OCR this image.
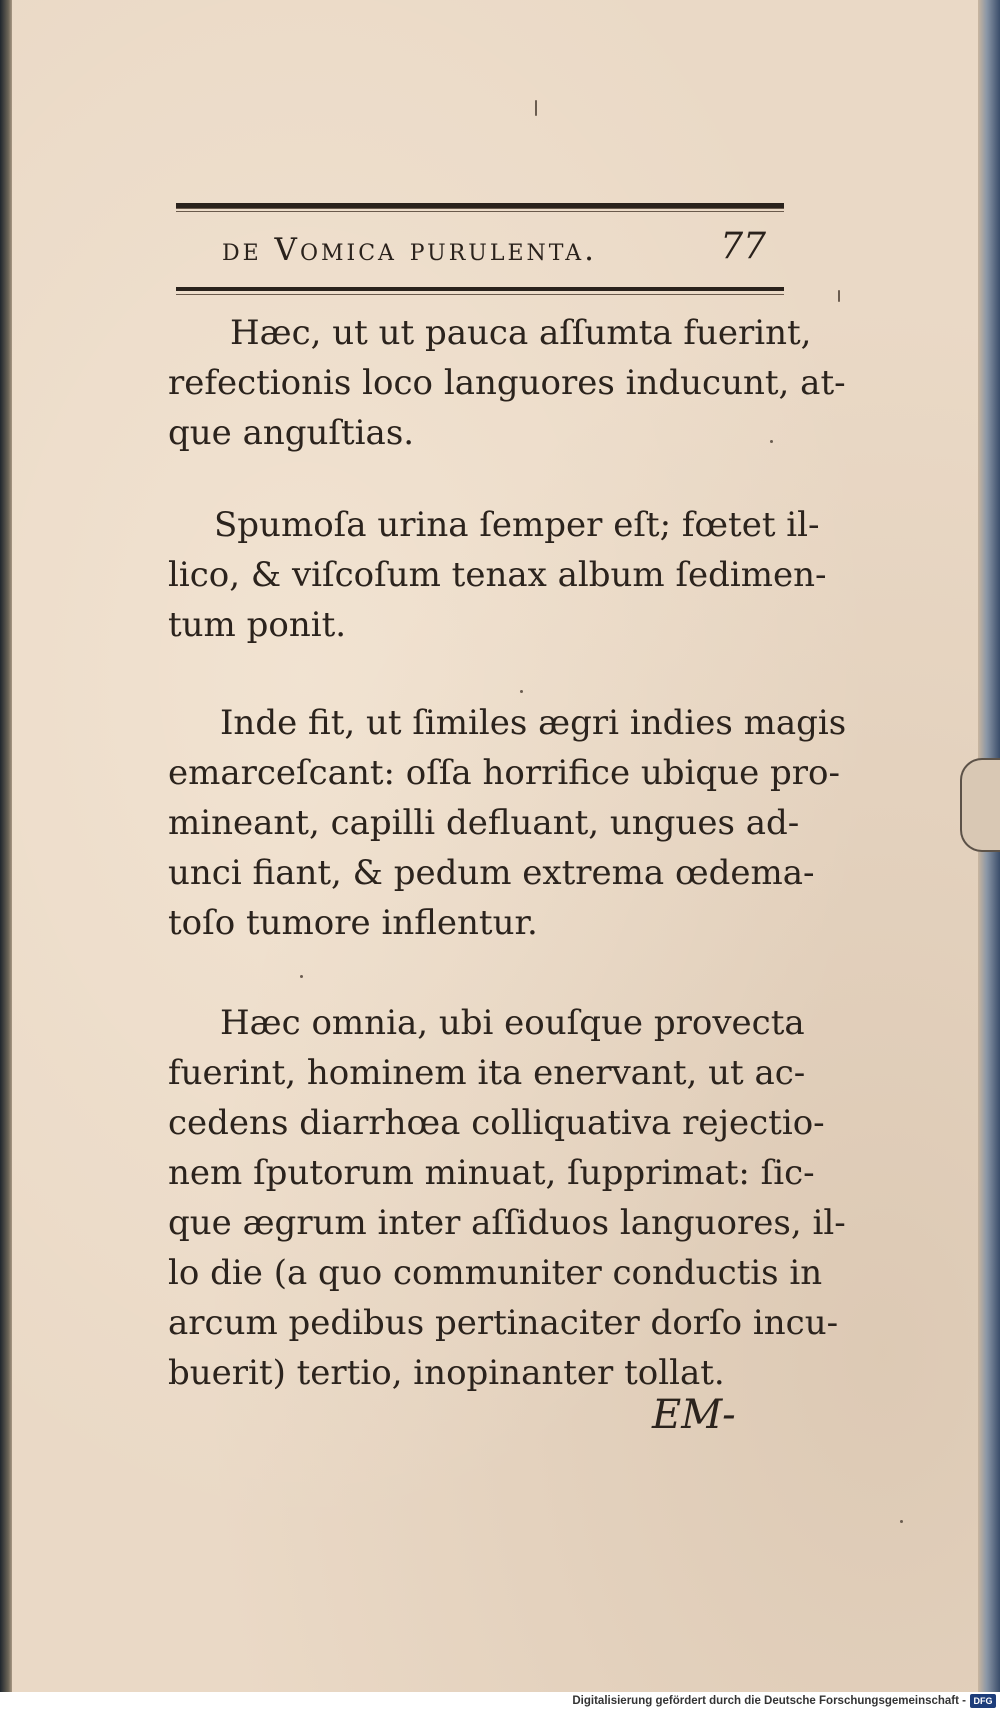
de Vomica purulenta.	77
Hæc, ut ut pauca aſſumta fuerint,
refectionis loco languores inducunt, at-
que anguſtias.
Spumoſa urina ſemper eſt; fœtet il-
lico, & viſcoſum tenax album ſedimen-
tum ponit.
Inde fit, ut ſimiles ægri indies magis
emarceſcant: oſſa horrifice ubique pro-
mineant, capilli defluant, ungues ad-
unci fiant, & pedum extrema œdema-
toſo tumore inflentur.
Hæc omnia, ubi eouſque provecta
fuerint, hominem ita enervant, ut ac-
cedens diarrhœa colliquativa rejectio-
nem ſputorum minuat, ſupprimat: ſic-
que ægrum inter aſſiduos languores, il-
lo die (a quo communiter conductis in
arcum pedibus pertinaciter dorſo incu-
buerit) tertio, inopinanter tollat.
EM-
Digitalisierung gefördert durch die Deutsche Forschungsgemeinschaft - DFG
